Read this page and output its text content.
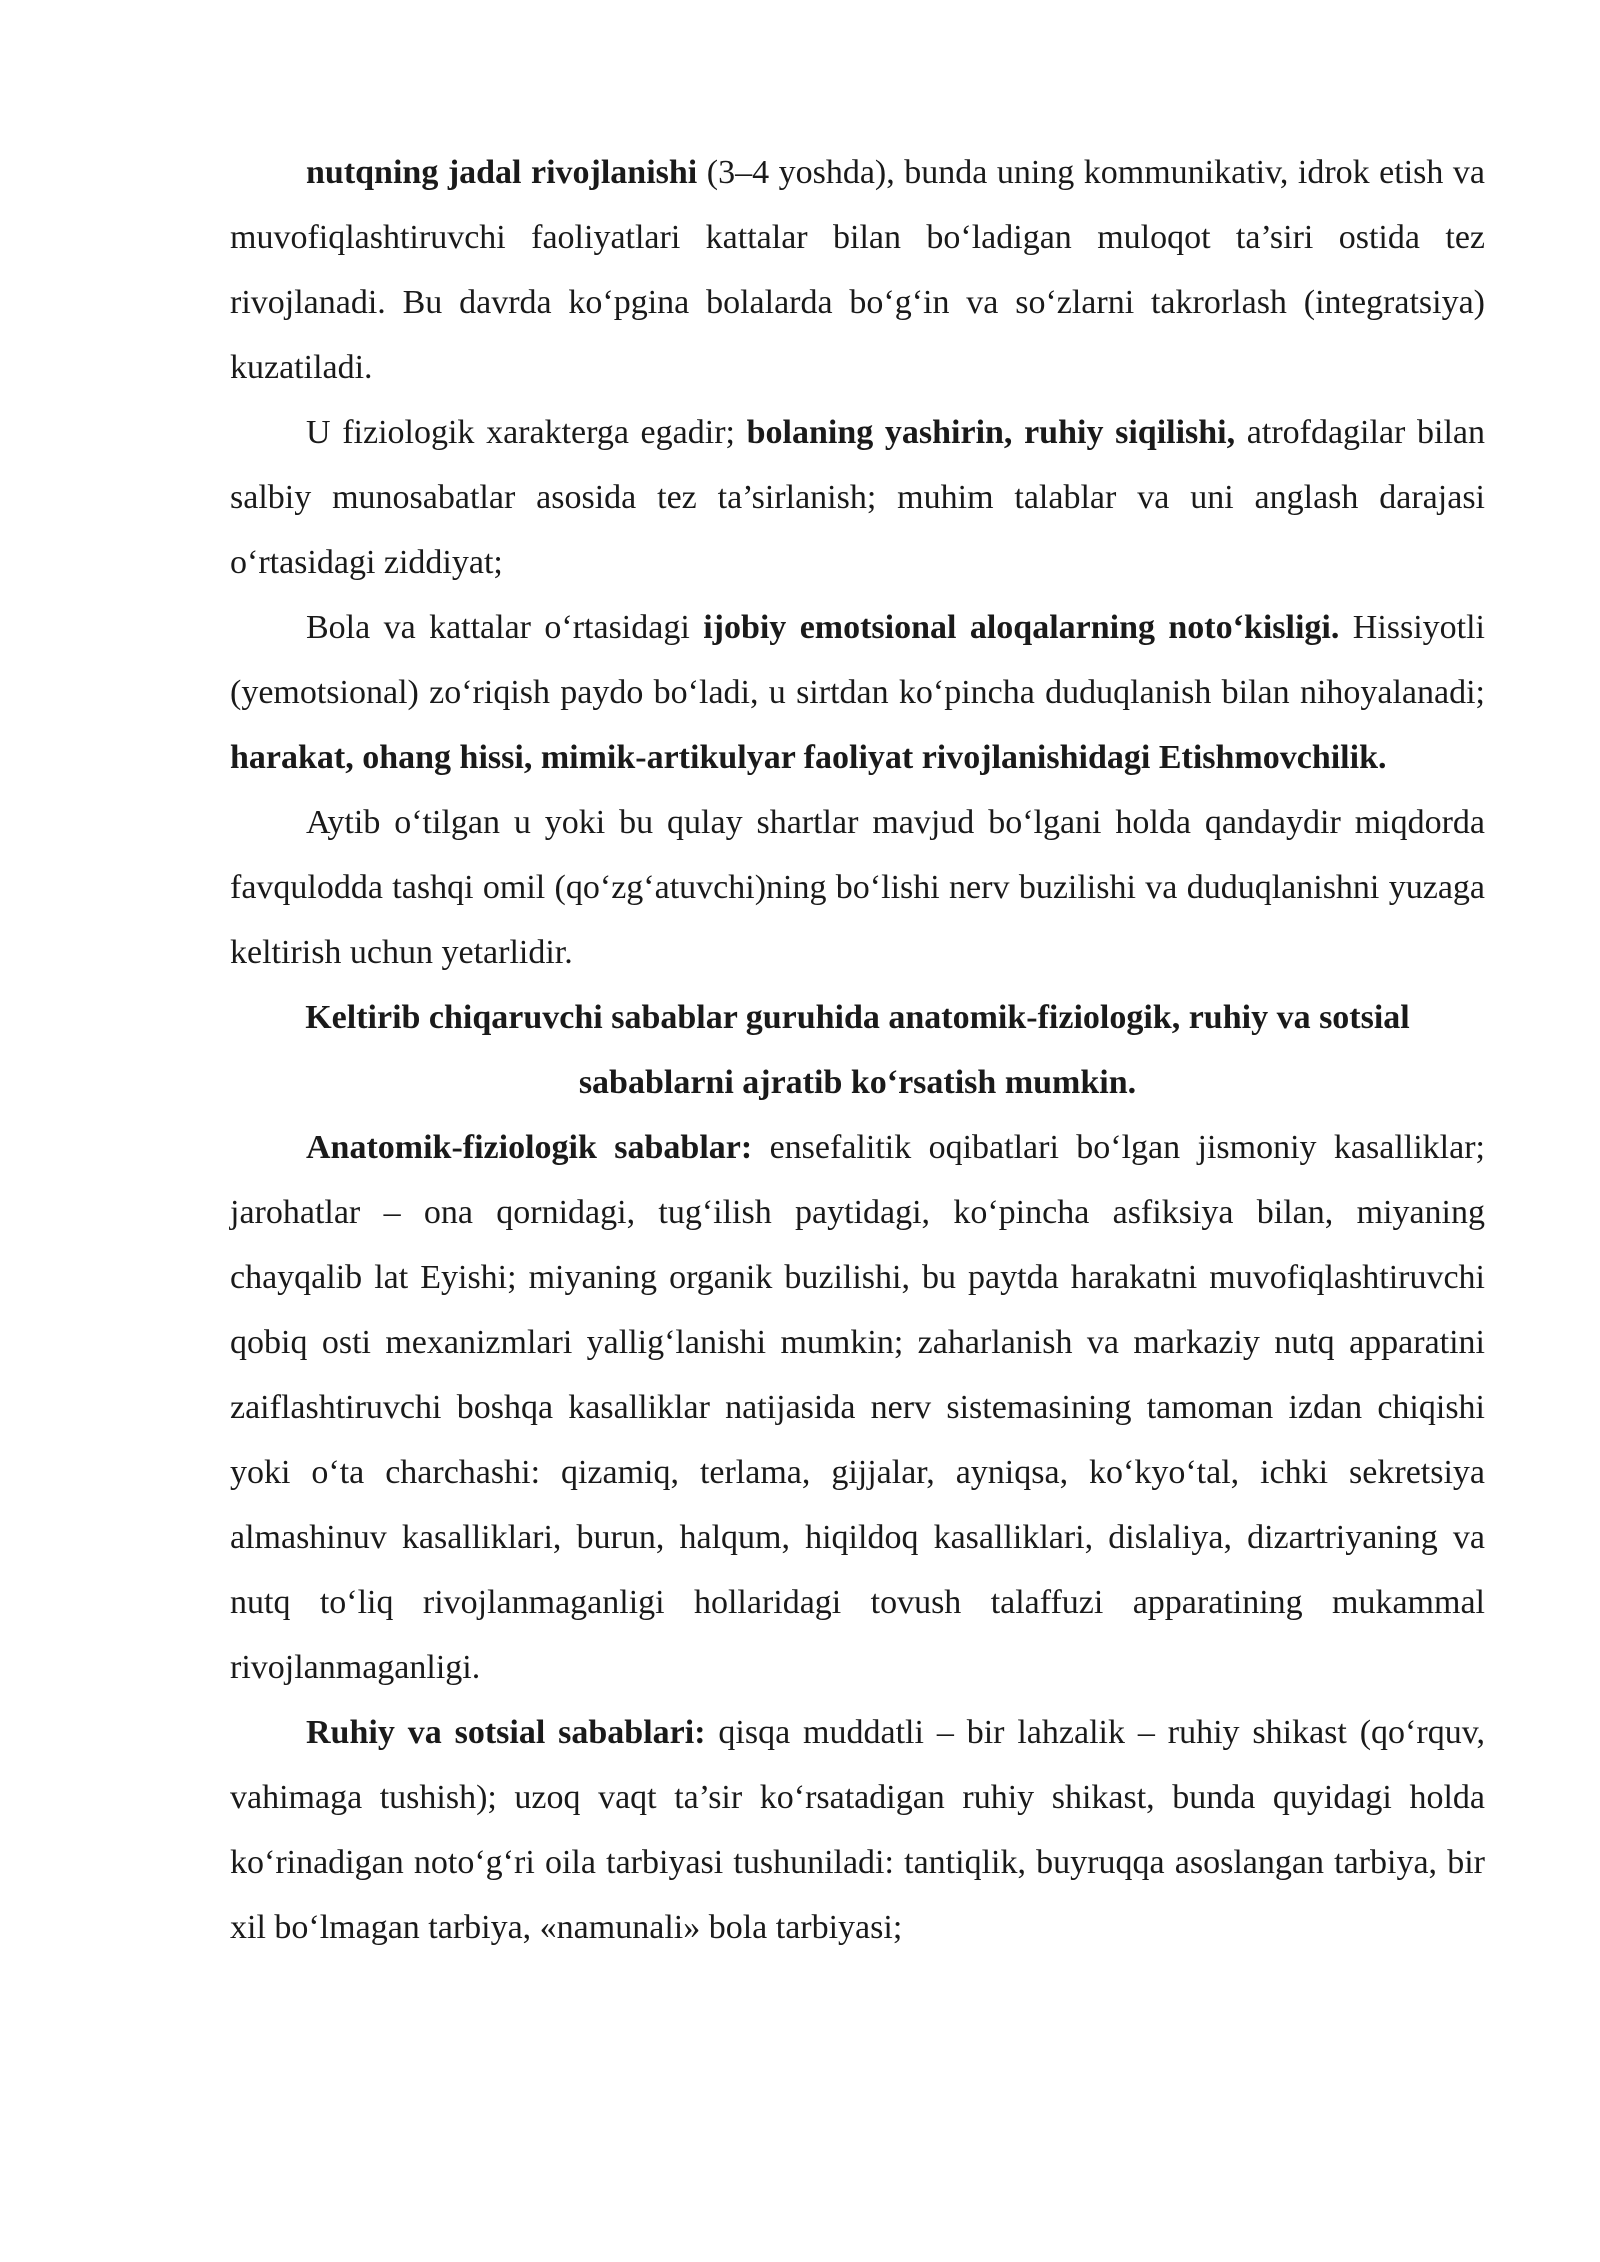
nutqning jadal rivojlanishi (3–4 yoshda), bunda uning kommunikativ, idrok etish va muvofiqlashtiruvchi faoliyatlari kattalar bilan bo‘ladigan muloqot ta’siri ostida tez rivojlanadi. Bu davrda ko‘pgina bolalarda bo‘g‘in va so‘zlarni takrorlash (integratsiya) kuzatiladi.

U fiziologik xarakterga egadir; bolaning yashirin, ruhiy siqilishi, atrofdagilar bilan salbiy munosabatlar asosida tez ta’sirlanish; muhim talablar va uni anglash darajasi o‘rtasidagi ziddiyat;

Bola va kattalar o‘rtasidagi ijobiy emotsional aloqalarning noto‘kisligi. Hissiyotli (yemotsional) zo‘riqish paydo bo‘ladi, u sirtdan ko‘pincha duduqlanish bilan nihoyalanadi; harakat, ohang hissi, mimik-artikulyar faoliyat rivojlanishidagi Etishmovchilik.

Aytib o‘tilgan u yoki bu qulay shartlar mavjud bo‘lgani holda qandaydir miqdorda favqulodda tashqi omil (qo‘zg‘atuvchi)ning bo‘lishi nerv buzilishi va duduqlanishni yuzaga keltirish uchun yetarlidir.

Keltirib chiqaruvchi sabablar guruhida anatomik-fiziologik, ruhiy va sotsial sabablarni ajratib ko‘rsatish mumkin.

Anatomik-fiziologik sabablar: ensefalitik oqibatlari bo‘lgan jismoniy kasalliklar; jarohatlar – ona qornidagi, tug‘ilish paytidagi, ko‘pincha asfiksiya bilan, miyaning chayqalib lat Eyishi; miyaning organik buzilishi, bu paytda harakatni muvofiqlashtiruvchi qobiq osti mexanizmlari yallig‘lanishi mumkin; zaharlanish va markaziy nutq apparatini zaiflashtiruvchi boshqa kasalliklar natijasida nerv sistemasining tamoman izdan chiqishi yoki o‘ta charchashi: qizamiq, terlama, gijjalar, ayniqsa, ko‘kyo‘tal, ichki sekretsiya almashinuv kasalliklari, burun, halqum, hiqildoq kasalliklari, dislaliya, dizartriyaning va nutq to‘liq rivojlanmaganligi hollaridagi tovush talaffuzi apparatining mukammal rivojlanmaganligi.

Ruhiy va sotsial sabablari: qisqa muddatli – bir lahzalik – ruhiy shikast (qo‘rquv, vahimaga tushish); uzoq vaqt ta’sir ko‘rsatadigan ruhiy shikast, bunda quyidagi holda ko‘rinadigan noto‘g‘ri oila tarbiyasi tushuniladi: tantiqlik, buyruqqa asoslangan tarbiya, bir xil bo‘lmagan tarbiya, «namunali» bola tarbiyasi;
